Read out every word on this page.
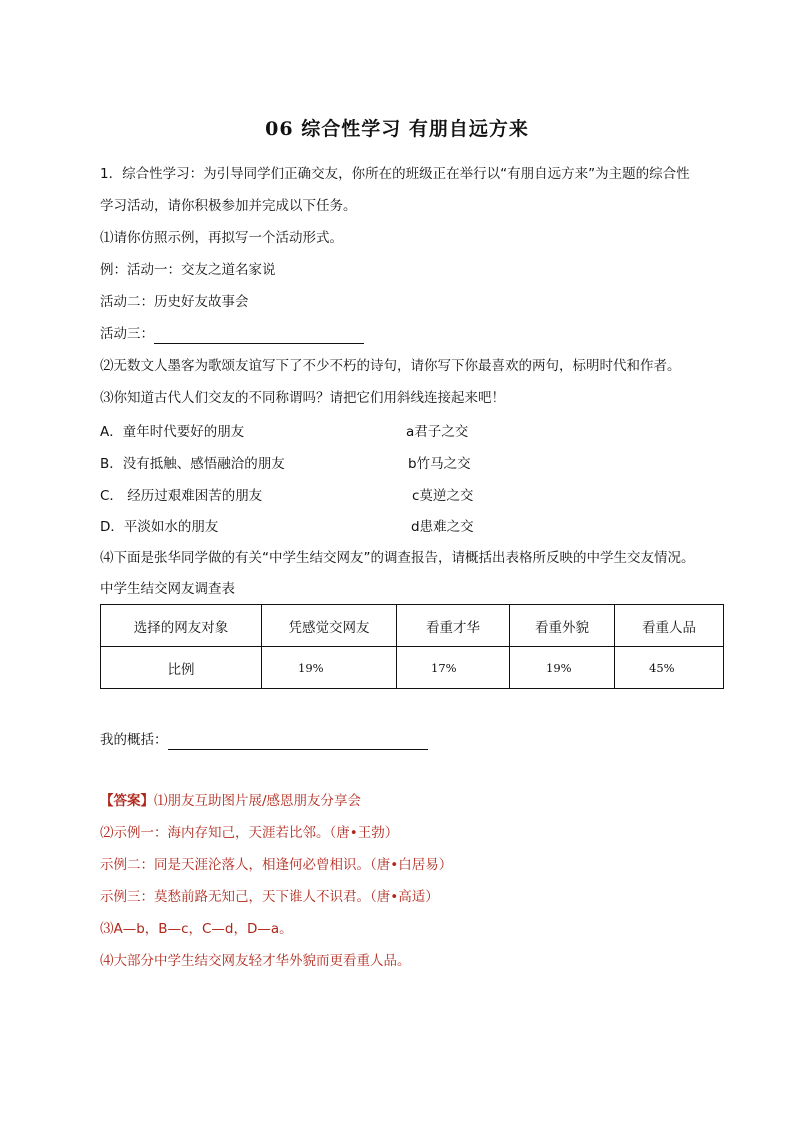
06 综合性学习 有朋自远方来
1．综合性学习：为引导同学们正确交友，你所在的班级正在举行以“有朋自远方来”为主题的综合性
学习活动，请你积极参加并完成以下任务。
⑴请你仿照示例，再拟写一个活动形式。
例：活动一：交友之道名家说
活动二：历史好友故事会
活动三：
⑵无数文人墨客为歌颂友谊写下了不少不朽的诗句，请你写下你最喜欢的两句，标明时代和作者。
⑶你知道古代人们交友的不同称谓吗？请把它们用斜线连接起来吧！
A．童年时代要好的朋友	a君子之交
B．没有抵触、感悟融洽的朋友	b竹马之交
C． 经历过艰难困苦的朋友	c莫逆之交
D．平淡如水的朋友	d患难之交
⑷下面是张华同学做的有关“中学生结交网友”的调查报告，请概括出表格所反映的中学生交友情况。
中学生结交网友调查表
选择的网友对象	凭感觉交网友	看重才华	看重外貌	看重人品
比例	19%	17%	19%	45%
我的概括：
【答案】⑴朋友互助图片展/感恩朋友分享会
⑵示例一：海内存知己，天涯若比邻。（唐•王勃）
示例二：同是天涯沦落人，相逢何必曾相识。（唐•白居易）
示例三：莫愁前路无知己，天下谁人不识君。（唐•高适）
⑶A—b，B—c，C—d，D—a。
⑷大部分中学生结交网友轻才华外貌而更看重人品。
